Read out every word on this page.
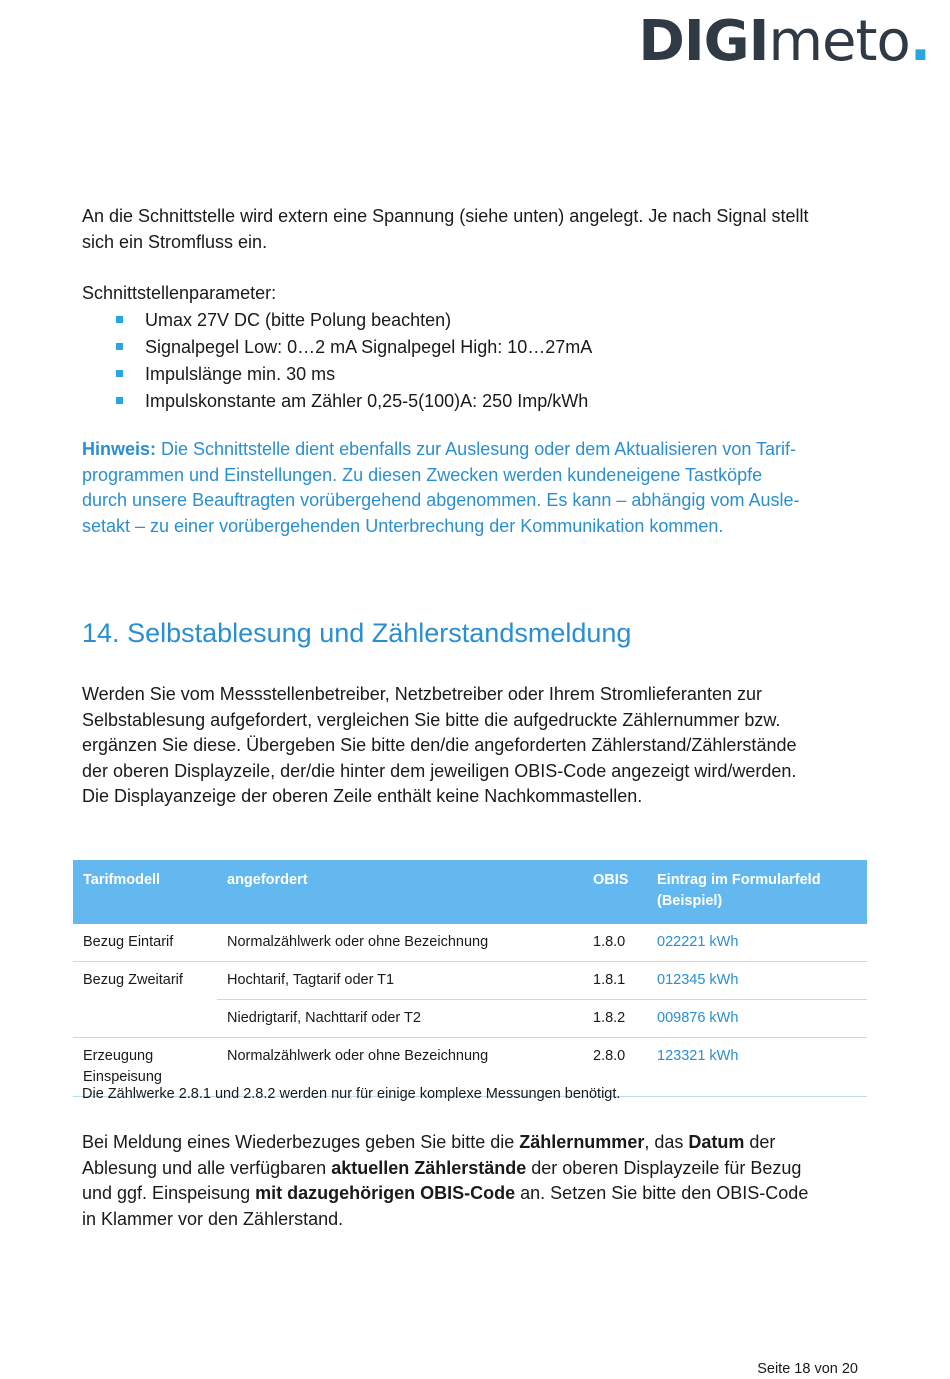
DIGImeto.

An die Schnittstelle wird extern eine Spannung (siehe unten) angelegt. Je nach Signal stellt
sich ein Stromfluss ein.

Schnittstellenparameter:

Umax 27V DC (bitte Polung beachten)
Signalpegel Low: 0…2 mA Signalpegel High: 10…27mA
Impulslänge min. 30 ms
Impulskonstante am Zähler 0,25-5(100)A: 250 Imp/kWh

Hinweis: Die Schnittstelle dient ebenfalls zur Auslesung oder dem Aktualisieren von Tarif-
programmen und Einstellungen. Zu diesen Zwecken werden kundeneigene Tastköpfe
durch unsere Beauftragten vorübergehend abgenommen. Es kann – abhängig vom Ausle-
setakt – zu einer vorübergehenden Unterbrechung der Kommunikation kommen.

14. Selbstablesung und Zählerstandsmeldung

Werden Sie vom Messstellenbetreiber, Netzbetreiber oder Ihrem Stromlieferanten zur
Selbstablesung aufgefordert, vergleichen Sie bitte die aufgedruckte Zählernummer bzw.
ergänzen Sie diese. Übergeben Sie bitte den/die angeforderten Zählerstand/Zählerstände
der oberen Displayzeile, der/die hinter dem jeweiligen OBIS-Code angezeigt wird/werden.
Die Displayanzeige der oberen Zeile enthält keine Nachkommastellen.

Tarifmodell	angefordert	OBIS	Eintrag im Formularfeld
(Beispiel)
Bezug Eintarif	Normalzählwerk oder ohne Bezeichnung	1.8.0	022221 kWh
Bezug Zweitarif	Hochtarif, Tagtarif oder T1	1.8.1	012345 kWh
	Niedrigtarif, Nachttarif oder T2	1.8.2	009876 kWh
Erzeugung
Einspeisung	Normalzählwerk oder ohne Bezeichnung	2.8.0	123321 kWh
Die Zählwerke 2.8.1 und 2.8.2 werden nur für einige komplexe Messungen benötigt.

Bei Meldung eines Wiederbezuges geben Sie bitte die Zählernummer, das Datum der
Ablesung und alle verfügbaren aktuellen Zählerstände der oberen Displayzeile für Bezug
und ggf. Einspeisung mit dazugehörigen OBIS-Code an. Setzen Sie bitte den OBIS-Code
in Klammer vor den Zählerstand.

Seite 18 von 20
